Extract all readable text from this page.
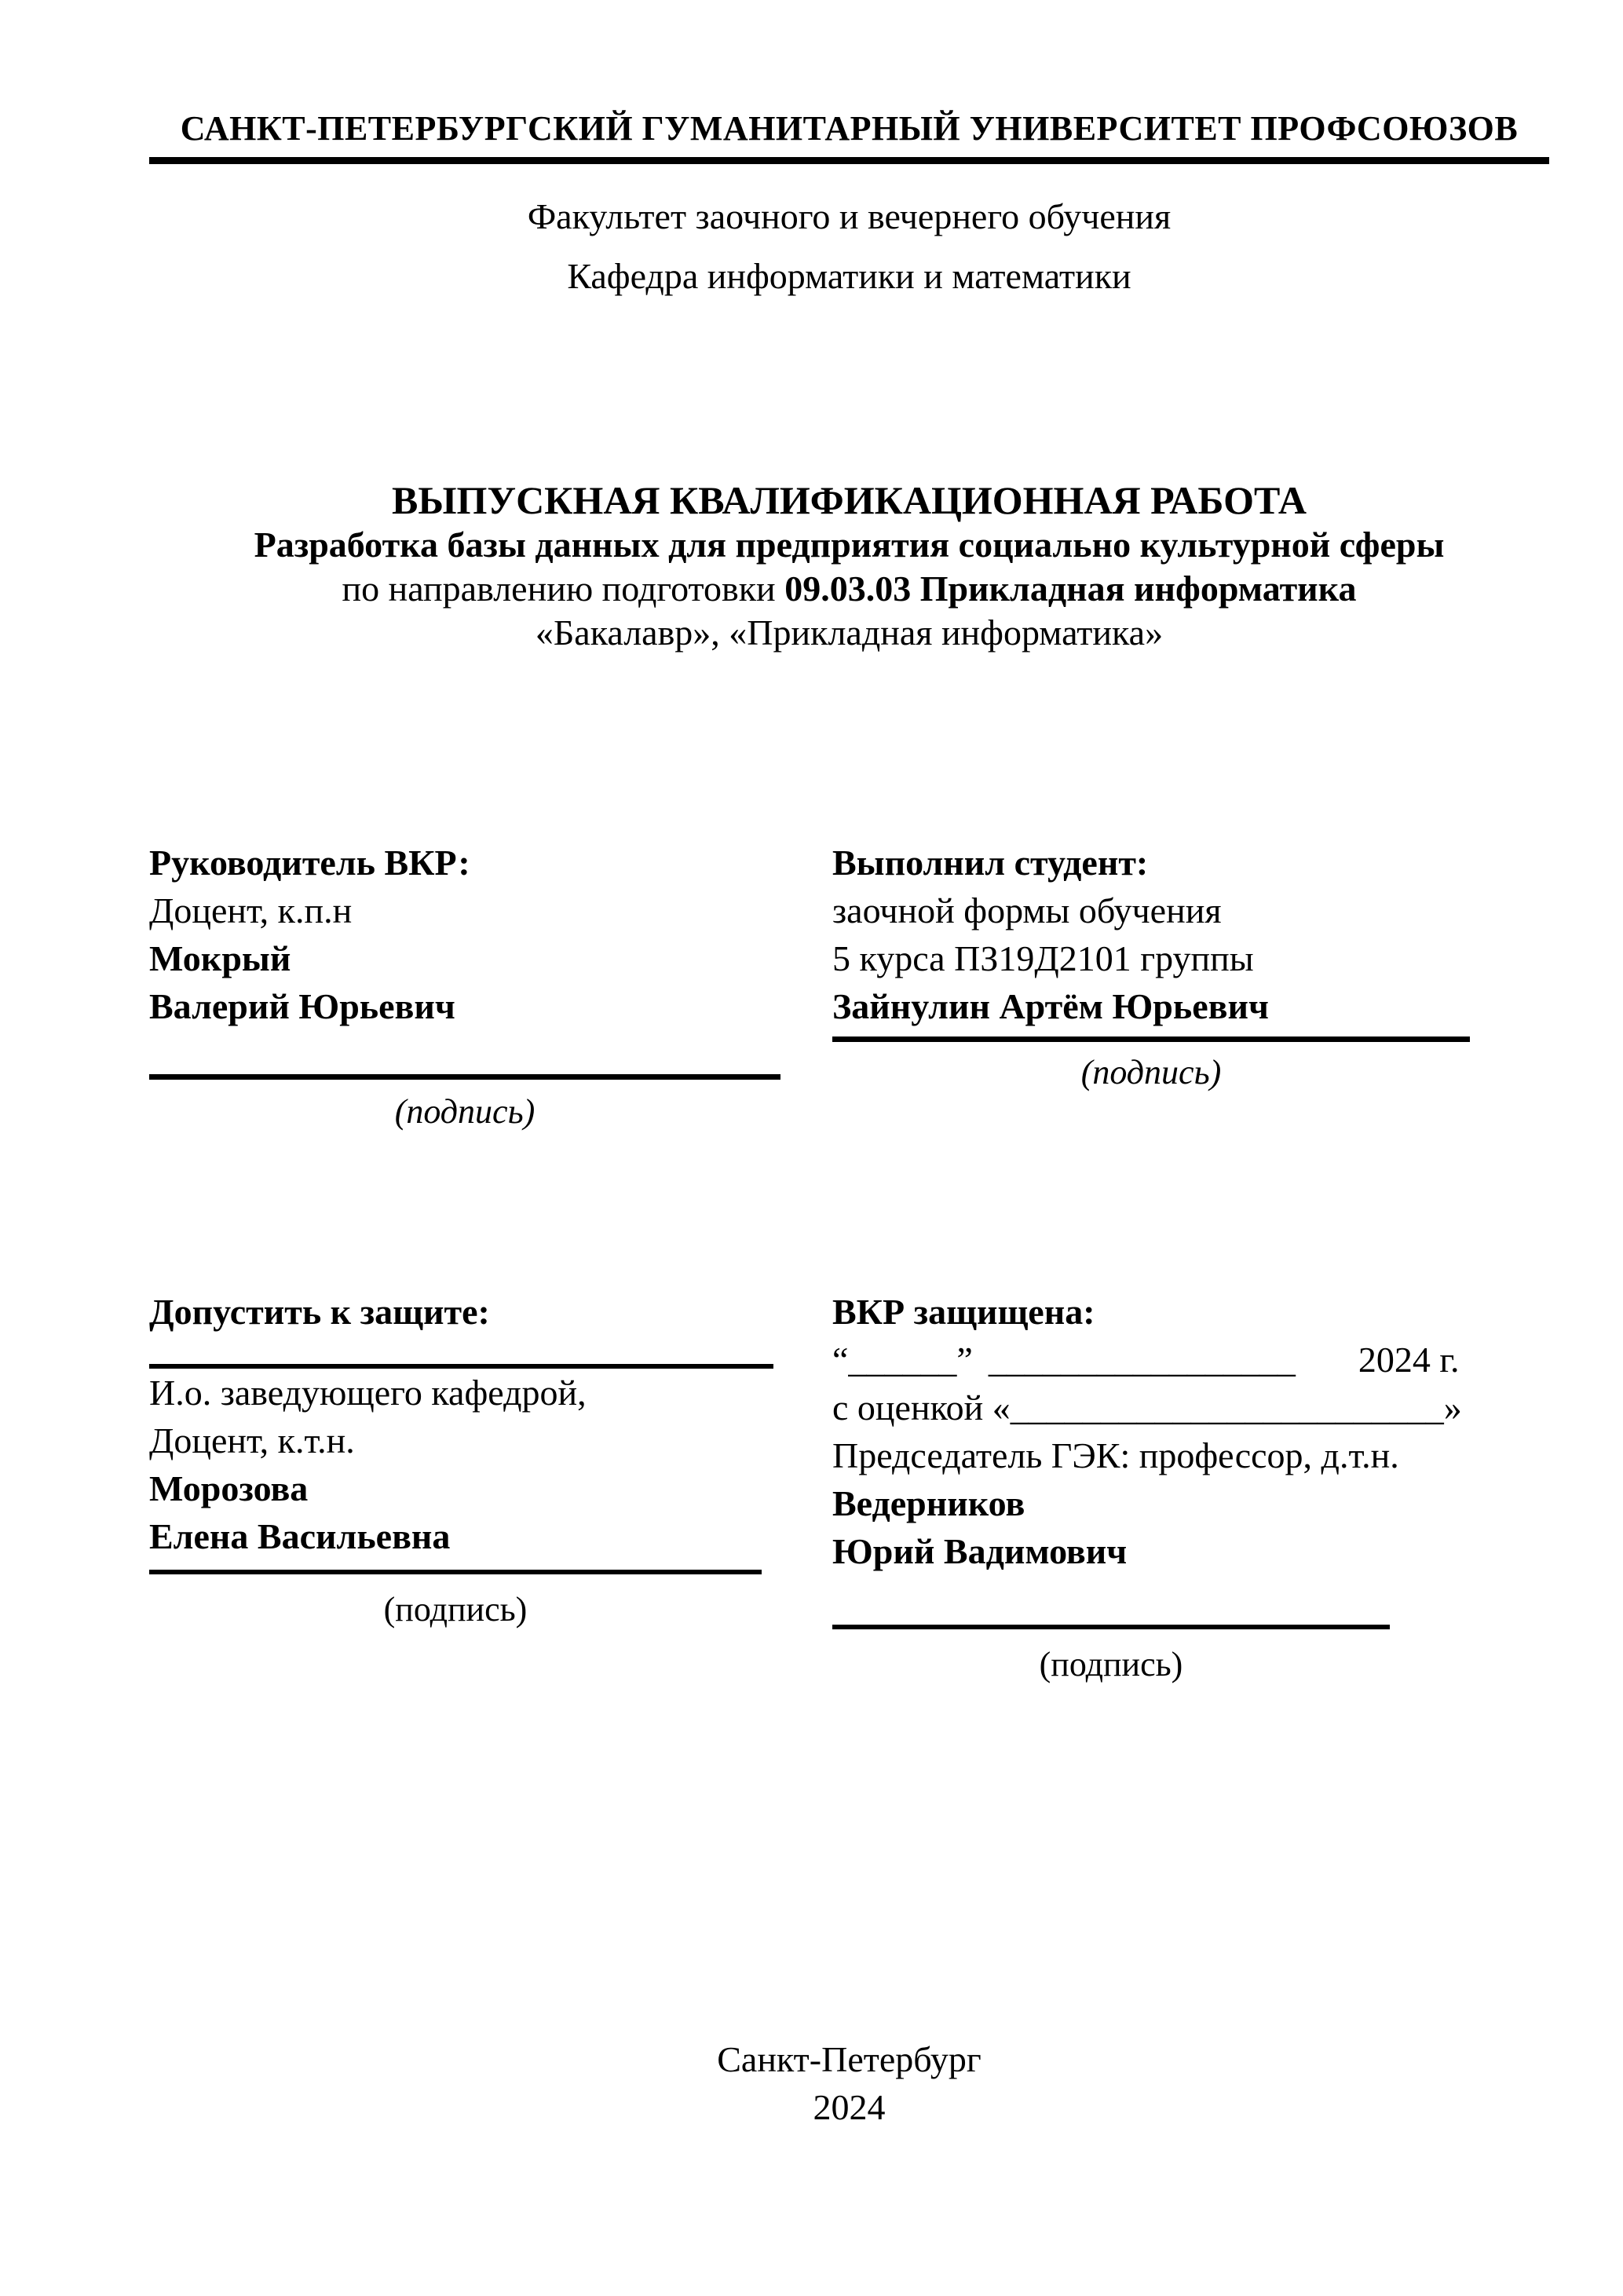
САНКТ-ПЕТЕРБУРГСКИЙ ГУМАНИТАРНЫЙ УНИВЕРСИТЕТ ПРОФСОЮЗОВ
Факультет заочного и вечернего обучения
Кафедра информатики и математики
ВЫПУСКНАЯ КВАЛИФИКАЦИОННАЯ РАБОТА
Разработка базы данных для предприятия социально культурной сферы
по направлению подготовки 09.03.03 Прикладная информатика
«Бакалавр», «Прикладная информатика»

Руководитель ВКР:

Доцент, к.п.н

Мокрый

Валерий Юрьевич

(подпись)

Выполнил студент:

заочной формы обучения

5 курса ПЗ19Д2101 группы

Зайнулин Артём Юрьевич

(подпись)

Допустить к защите:

И.о. заведующего кафедрой,

Доцент, к.т.н.

Морозова

Елена Васильевна

(подпись)

ВКР защищена:

“______” _________________ 2024 г.

с оценкой «________________________»

Председатель ГЭК: профессор, д.т.н.

Ведерников

Юрий Вадимович

(подпись)
Санкт-Петербург
2024
